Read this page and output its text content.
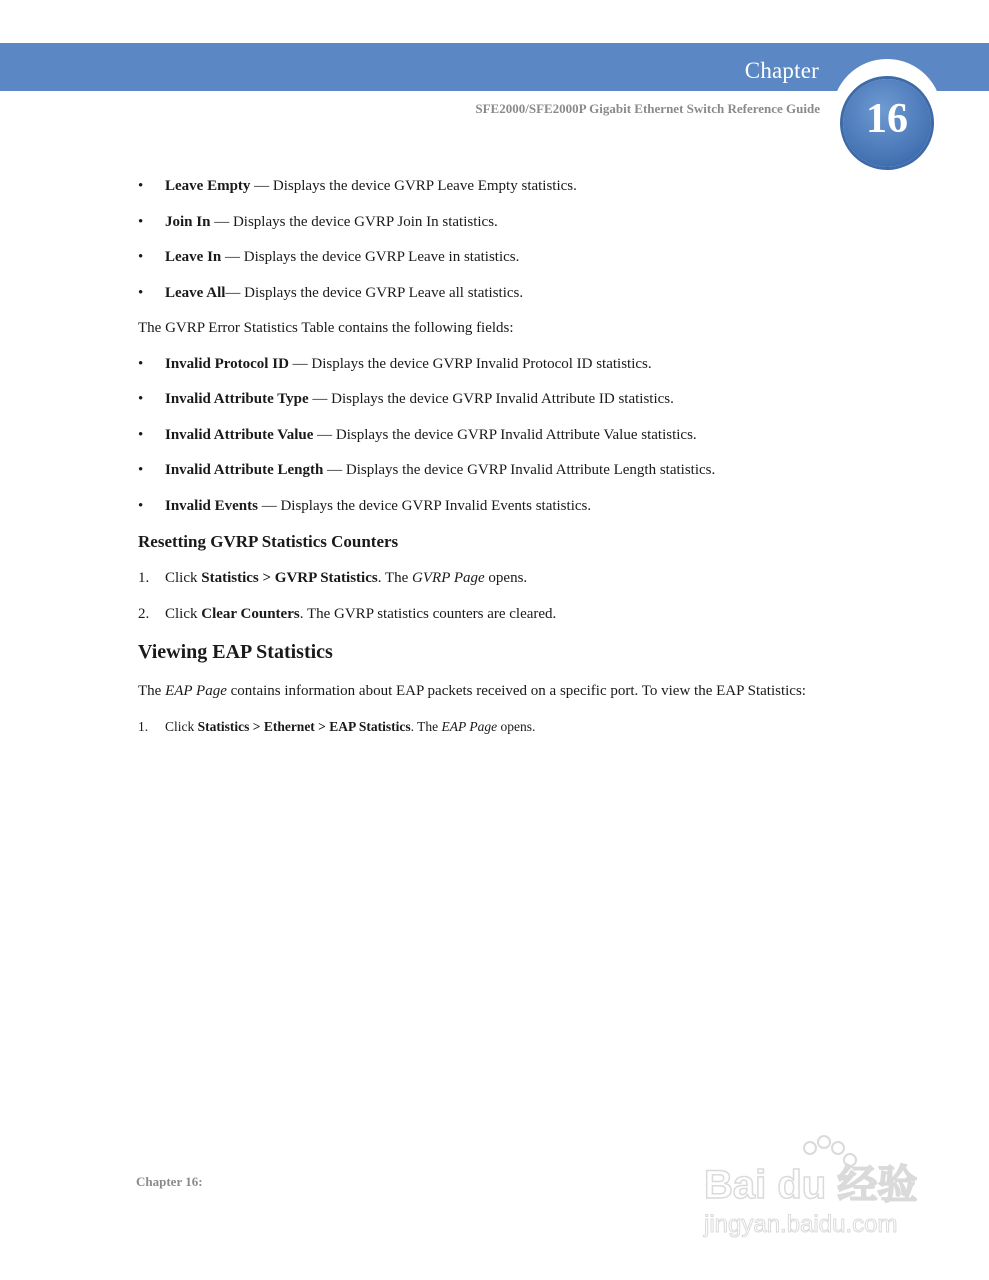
Chapter
16
SFE2000/SFE2000P Gigabit Ethernet Switch Reference Guide
• Leave Empty — Displays the device GVRP Leave Empty statistics.
• Join In — Displays the device GVRP Join In statistics.
• Leave In — Displays the device GVRP Leave in statistics.
• Leave All— Displays the device GVRP Leave all statistics.

The GVRP Error Statistics Table contains the following fields:

• Invalid Protocol ID — Displays the device GVRP Invalid Protocol ID statistics.
• Invalid Attribute Type — Displays the device GVRP Invalid Attribute ID statistics.
• Invalid Attribute Value — Displays the device GVRP Invalid Attribute Value statistics.
• Invalid Attribute Length — Displays the device GVRP Invalid Attribute Length statistics.
• Invalid Events — Displays the device GVRP Invalid Events statistics.
Resetting GVRP Statistics Counters
1. Click Statistics > GVRP Statistics. The GVRP Page opens.
2. Click Clear Counters. The GVRP statistics counters are cleared.
Viewing EAP Statistics

The EAP Page contains information about EAP packets received on a specific port. To view the EAP Statistics:

1. Click Statistics > Ethernet > EAP Statistics. The EAP Page opens.
Chapter 16:	Bai du 经验
jingyan.baidu.com
